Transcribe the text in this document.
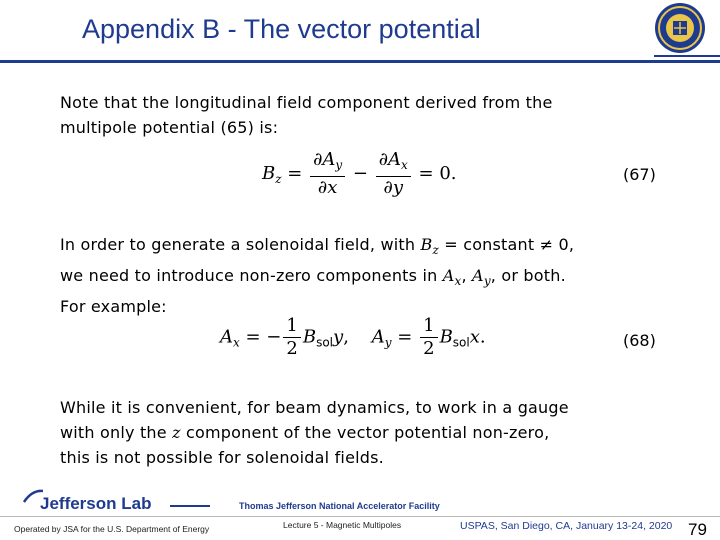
Appendix B - The vector potential
Note that the longitudinal field component derived from the
multipole potential (65) is:
$B_z = \frac{\partial A_y}{\partial x} - \frac{\partial A_x}{\partial y} = 0$.	(67)
In order to generate a solenoidal field, with $B_z$ = constant ≠ 0,
we need to introduce non-zero components in $A_x$, $A_y$, or both.
For example:
$A_x$ = − $\frac{1}{2} B_{sol}y$,    $A_y = \frac{1}{2} B_{sol}x$.	(68)
While it is convenient, for beam dynamics, to work in a gauge
with only the z component of the vector potential non-zero,
this is not possible for solenoidal fields.
Jefferson Lab	Thomas Jefferson National Accelerator Facility
Operated by JSA for the U.S. Department of Energy	Lecture 5 - Magnetic Multipoles	USPAS, San Diego, CA, January 13-24, 2020 79
